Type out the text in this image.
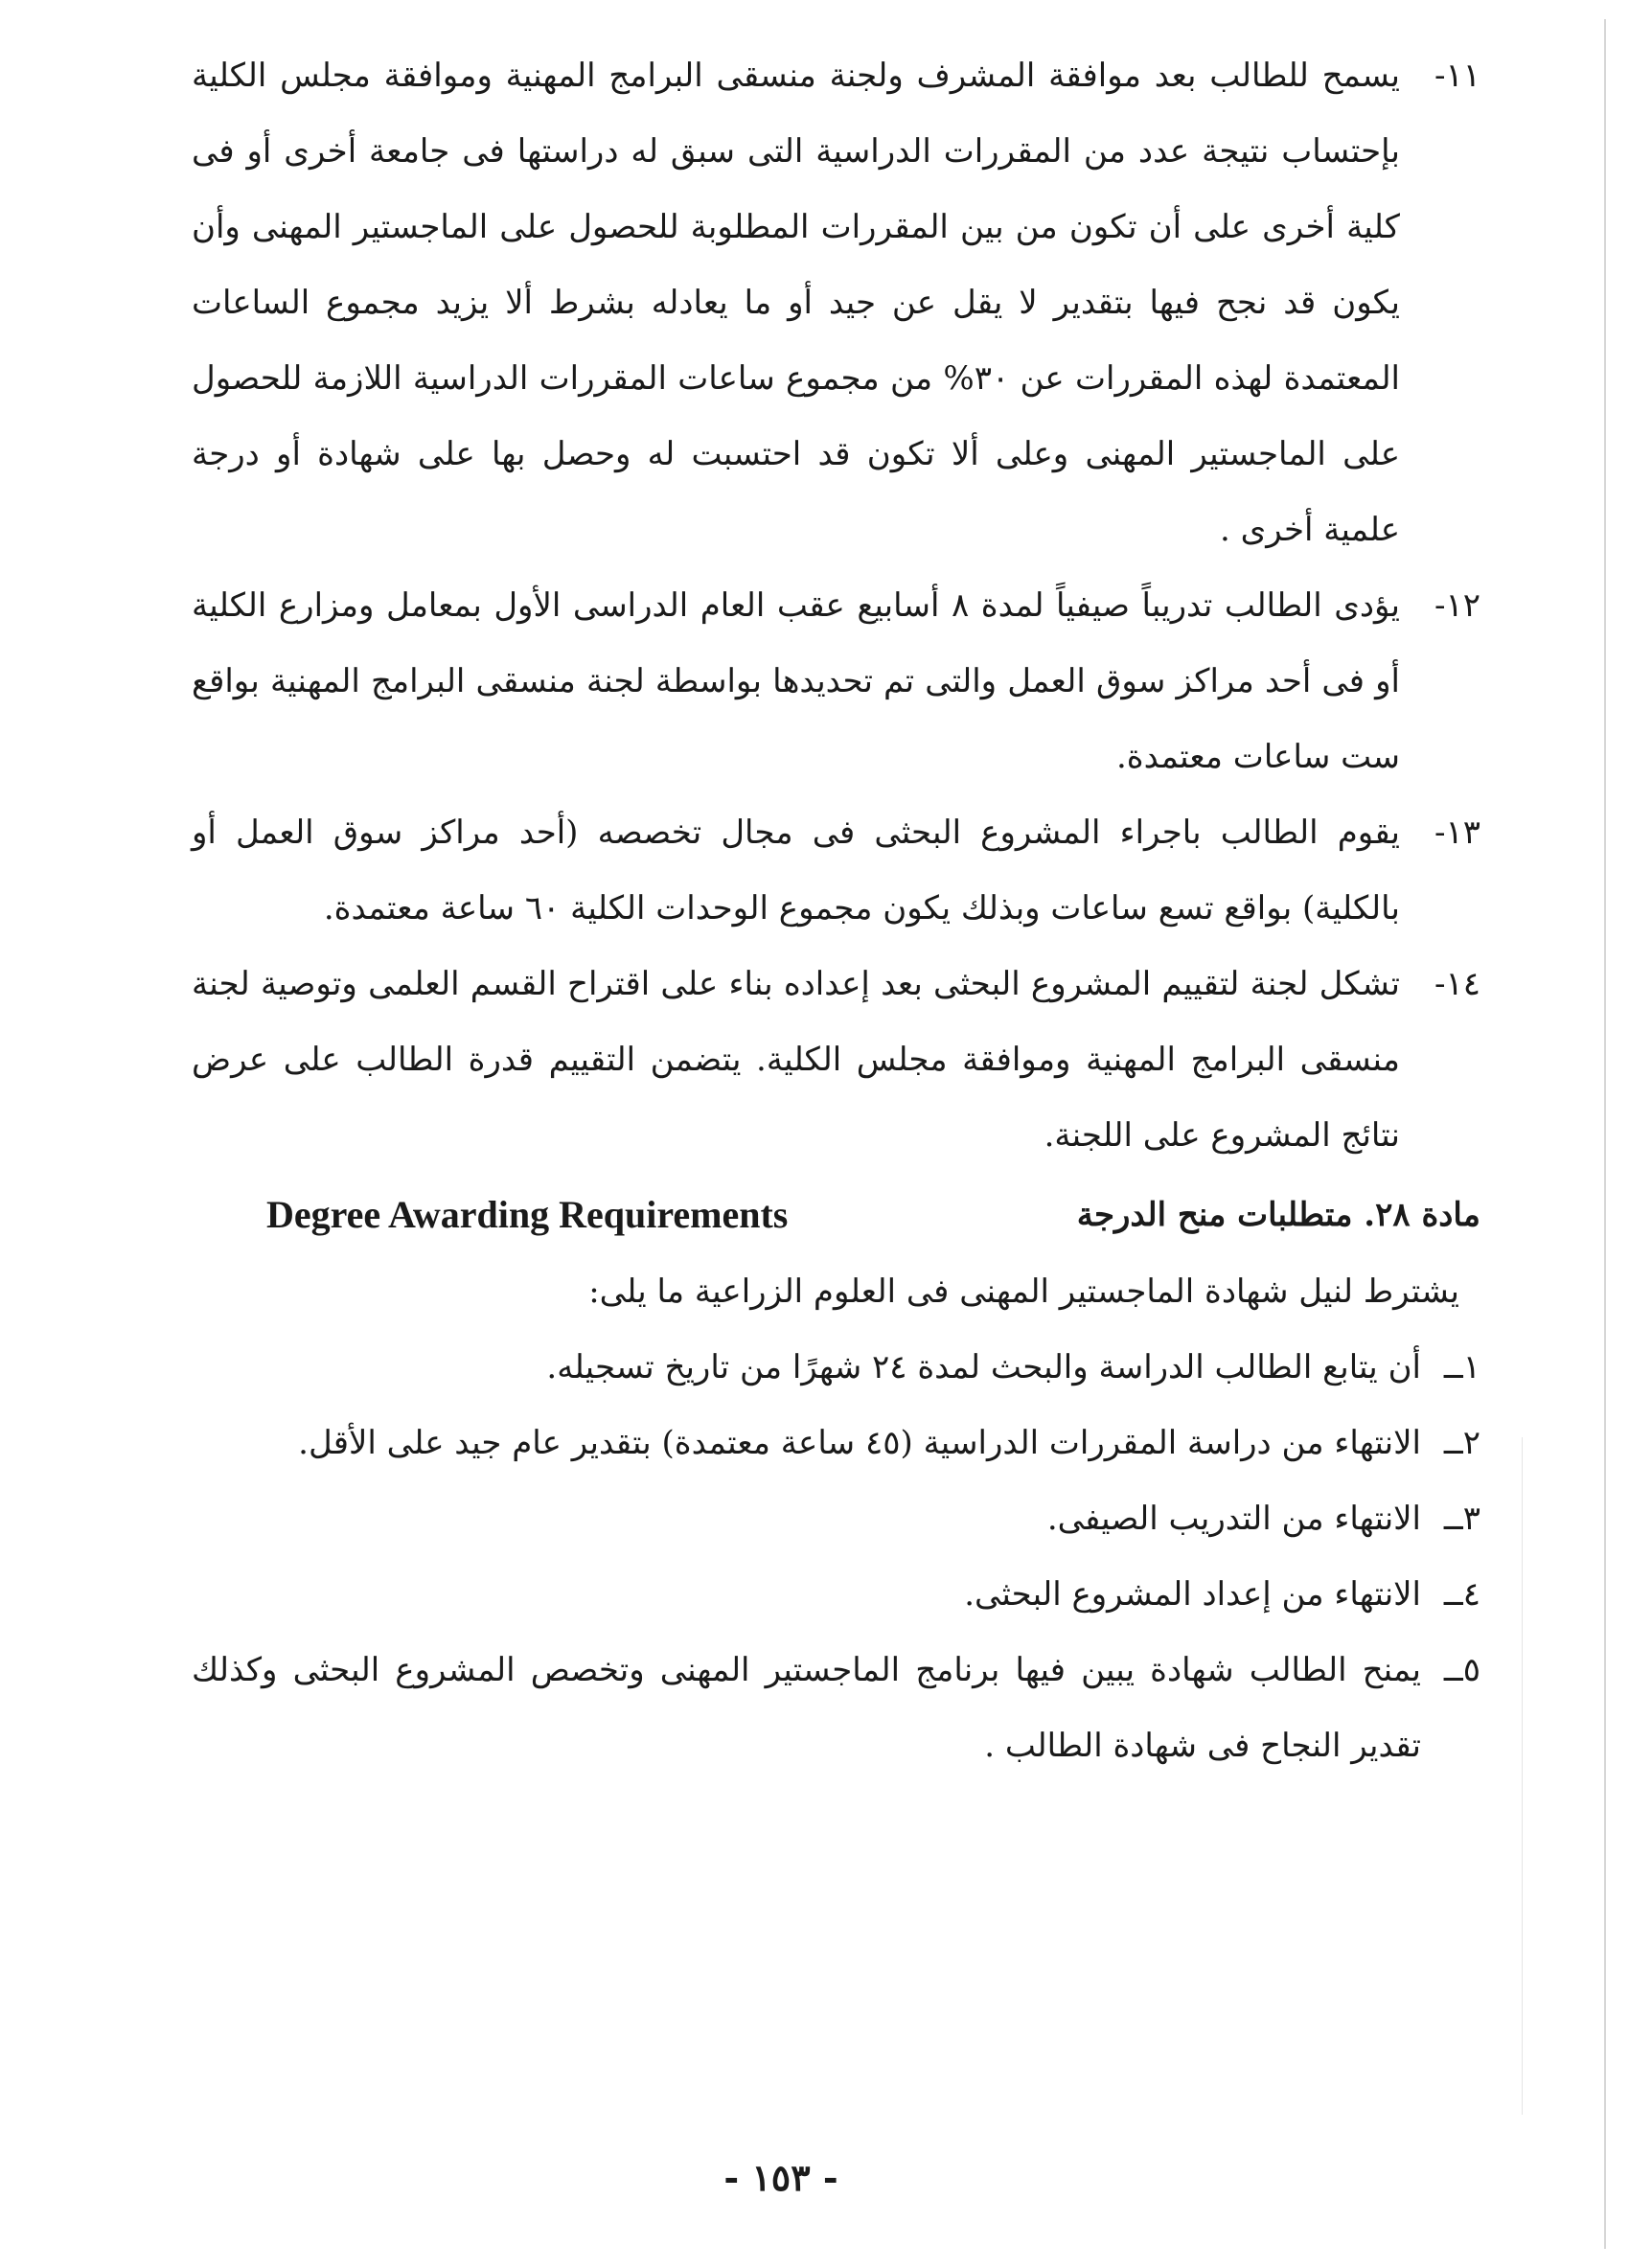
١١-يسمح للطالب بعد موافقة المشرف ولجنة منسقى البرامج المهنية وموافقة مجلس الكلية بإحتساب نتيجة عدد من المقررات الدراسية التى سبق له دراستها فى جامعة أخرى أو فى كلية أخرى على أن تكون من بين المقررات المطلوبة للحصول على الماجستير المهنى وأن يكون قد نجح فيها بتقدير لا يقل عن جيد أو ما يعادله بشرط ألا يزيد مجموع الساعات المعتمدة لهذه المقررات عن ٣٠% من مجموع ساعات المقررات الدراسية اللازمة للحصول على الماجستير المهنى وعلى ألا تكون قد احتسبت له وحصل بها على شهادة أو درجة علمية أخرى .

١٢-يؤدى الطالب تدريباً صيفياً لمدة ٨ أسابيع عقب العام الدراسى الأول بمعامل ومزارع الكلية أو فى أحد مراكز سوق العمل والتى تم تحديدها بواسطة لجنة منسقى البرامج المهنية بواقع ست ساعات معتمدة.

١٣-يقوم الطالب باجراء المشروع البحثى فى مجال تخصصه (أحد مراكز سوق العمل أو بالكلية) بواقع تسع ساعات وبذلك يكون مجموع الوحدات الكلية ٦٠ ساعة معتمدة.

١٤-تشكل لجنة لتقييم المشروع البحثى بعد إعداده بناء على اقتراح القسم العلمى وتوصية لجنة منسقى البرامج المهنية وموافقة مجلس الكلية. يتضمن التقييم قدرة الطالب على عرض نتائج المشروع على اللجنة.

مادة ٢٨. متطلبات منح الدرجة
Degree Awarding Requirements

يشترط لنيل شهادة الماجستير المهنى فى العلوم الزراعية ما يلى:

١ــأن يتابع الطالب الدراسة والبحث لمدة ٢٤ شهرًا من تاريخ تسجيله.

٢ــالانتهاء من دراسة المقررات الدراسية (٤٥ ساعة معتمدة) بتقدير عام جيد على الأقل.

٣ــالانتهاء من التدريب الصيفى.

٤ــالانتهاء من إعداد المشروع البحثى.

٥ــيمنح الطالب شهادة يبين فيها برنامج الماجستير المهنى وتخصص المشروع البحثى وكذلك تقدير النجاح فى شهادة الطالب .

- ١٥٣ -
